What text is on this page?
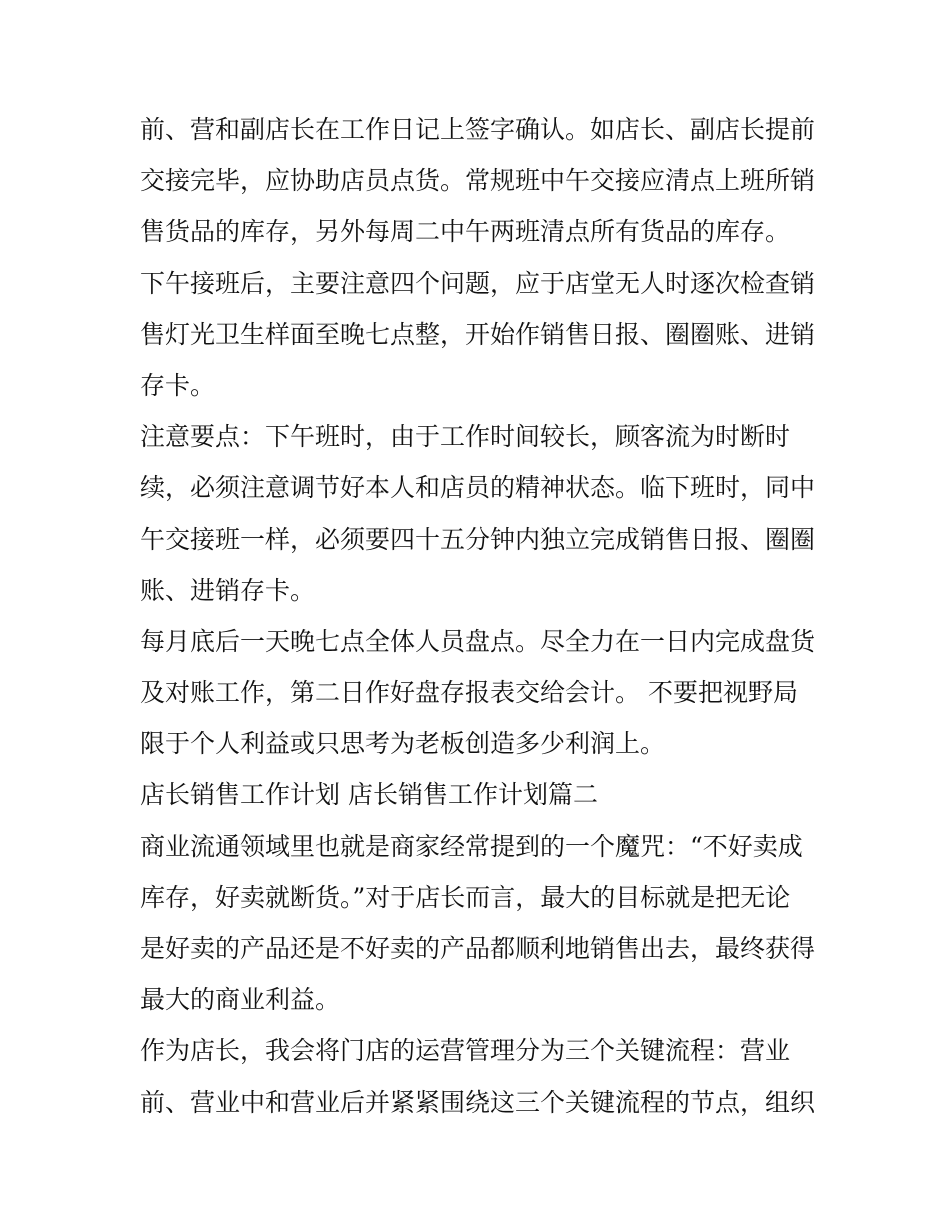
前、营和副店长在工作日记上签字确认。如店长、副店长提前
交接完毕，应协助店员点货。常规班中午交接应清点上班所销
售货品的库存，另外每周二中午两班清点所有货品的库存。
下午接班后，主要注意四个问题，应于店堂无人时逐次检查销
售灯光卫生样面至晚七点整，开始作销售日报、圈圈账、进销
存卡。
注意要点：下午班时，由于工作时间较长，顾客流为时断时
续，必须注意调节好本人和店员的精神状态。临下班时，同中
午交接班一样，必须要四十五分钟内独立完成销售日报、圈圈
账、进销存卡。
每月底后一天晚七点全体人员盘点。尽全力在一日内完成盘货
及对账工作，第二日作好盘存报表交给会计。 不要把视野局
限于个人利益或只思考为老板创造多少利润上。
店长销售工作计划 店长销售工作计划篇二
商业流通领域里也就是商家经常提到的一个魔咒：“不好卖成
库存，好卖就断货。”对于店长而言，最大的目标就是把无论
是好卖的产品还是不好卖的产品都顺利地销售出去，最终获得
最大的商业利益。
作为店长，我会将门店的运营管理分为三个关键流程：营业
前、营业中和营业后并紧紧围绕这三个关键流程的节点，组织
